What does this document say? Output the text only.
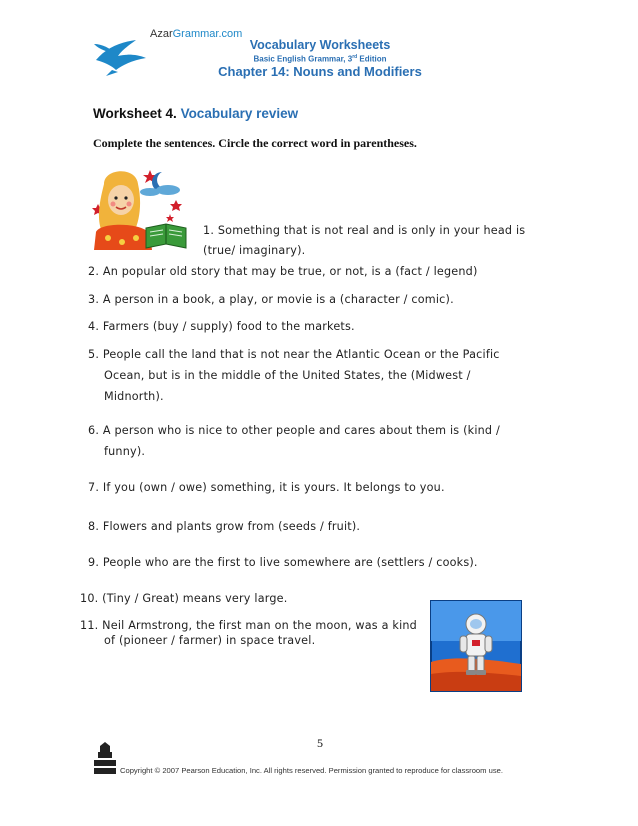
AzarGrammar.com
Vocabulary Worksheets
Basic English Grammar, 3rd Edition
Chapter 14: Nouns and Modifiers
Worksheet 4. Vocabulary review
Complete the sentences. Circle the correct word in parentheses.
1. Something that is not real and is only in your head is
(true/ imaginary).
2. An popular old story that may be true, or not, is a (fact / legend)
3. A person in a book, a play, or movie is a (character / comic).
4. Farmers (buy / supply) food to the markets.
5. People call the land that is not near the Atlantic Ocean or the Pacific
Ocean, but is in the middle of the United States, the (Midwest /
Midnorth).
6. A person who is nice to other people and cares about them is (kind /
funny).
7. If you (own / owe) something, it is yours. It belongs to you.
8. Flowers and plants grow from (seeds / fruit).
9. People who are the first to live somewhere are (settlers / cooks).
10. (Tiny / Great) means very large.
11. Neil Armstrong, the first man on the moon, was a kind
of (pioneer / farmer) in space travel.
5
Copyright © 2007 Pearson Education, Inc. All rights reserved. Permission granted to reproduce for classroom use.
